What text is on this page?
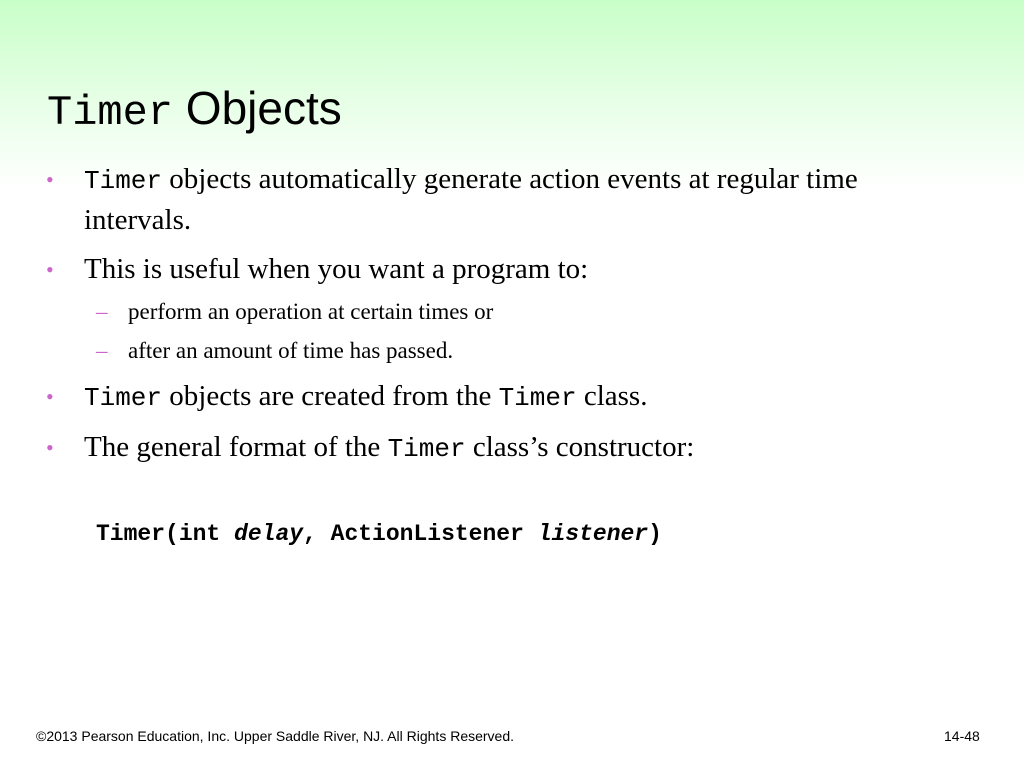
Timer Objects
•	Timer objects automatically generate action events at regular time intervals.
•	This is useful when you want a program to:
– perform an operation at certain times or
– after an amount of time has passed.
•	Timer objects are created from the Timer class.
•	The general format of the Timer class’s constructor:
Timer(int delay, ActionListener listener)
©2013 Pearson Education, Inc. Upper Saddle River, NJ. All Rights Reserved.	14-48
